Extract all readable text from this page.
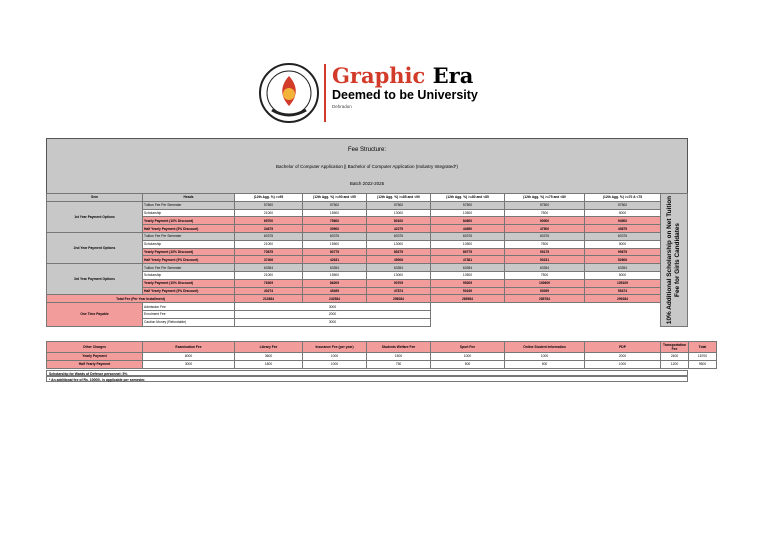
Graphic Era
Deemed to be University
Dehradun
Fee Structure:
Bachelor of Computer Application || Bachelor of Computer Application (Industry Integrated*)
Batch 2022-2025
Sem	Heads	(12th Agg. %) >=95	(12th Agg. %) >=90 and <95	(12th Agg. %) >=85 and <90	(12th Agg. %) >=80 and <85	(12th Agg. %) >=75 and <80	(12th Agg. %) >=70 & <75
1st Year Payment Options	Tuition Fee Per Semester	57500	57500	57500	57500	57500	57500
	Scholarship	21000	15500	13000	10500	7500	5000
	Yearly Payment (10% Discount)	65700	75600	80100	84600	90000	94500
	Half Yearly Payment (5% Discount)	34675	39900	42275	44650	47500	49875
2nd Year Payment Options	Tuition Fee Per Semester	60375	60375	60375	60375	60375	60375
	Scholarship	21000	15500	13000	10500	7500	5000
	Yearly Payment (10% Discount)	70875	80775	85275	89775	95175	99675
	Half Yearly Payment (5% Discount)	37406	42631	45006	47381	50231	52606
3rd Year Payment Options	Tuition Fee Per Semester	63394	63394	63394	63394	63394	63394
	Scholarship	21000	15500	13000	10500	7500	5000
	Yearly Payment (10% Discount)	76309	86209	90709	95209	100609	105109
	Half Yearly Payment (5% Discount)	40274	45499	47874	50249	53099	55474
Total Fee (Per Year Installment)		212884	242584	256084	269584	285784	299284
One Time Payable	Admission Fee	3000					
	Enrolment Fee	2000					
	Caution Money (Refundable)	3000						10% Additional Scholarship on Net Tuition Fee for Girls Candidates
Other Charges	Examination Fee	Library Fee	Insurance Fee (per year)	Students Welfare Fee	Sport Fee	Online Student Information	PDP	Transportation Fee	Total
Yearly Payment	6000	3600	1000	1500	1000	1000	2000	2400	18700
Half Yearly Payment	3000	1800	1000	750	500	500	1000	1200	9500
Scholarship for Wards of Defence personnel: 5%
* An additional fee of Rs. 10000/- is applicable per semester.
